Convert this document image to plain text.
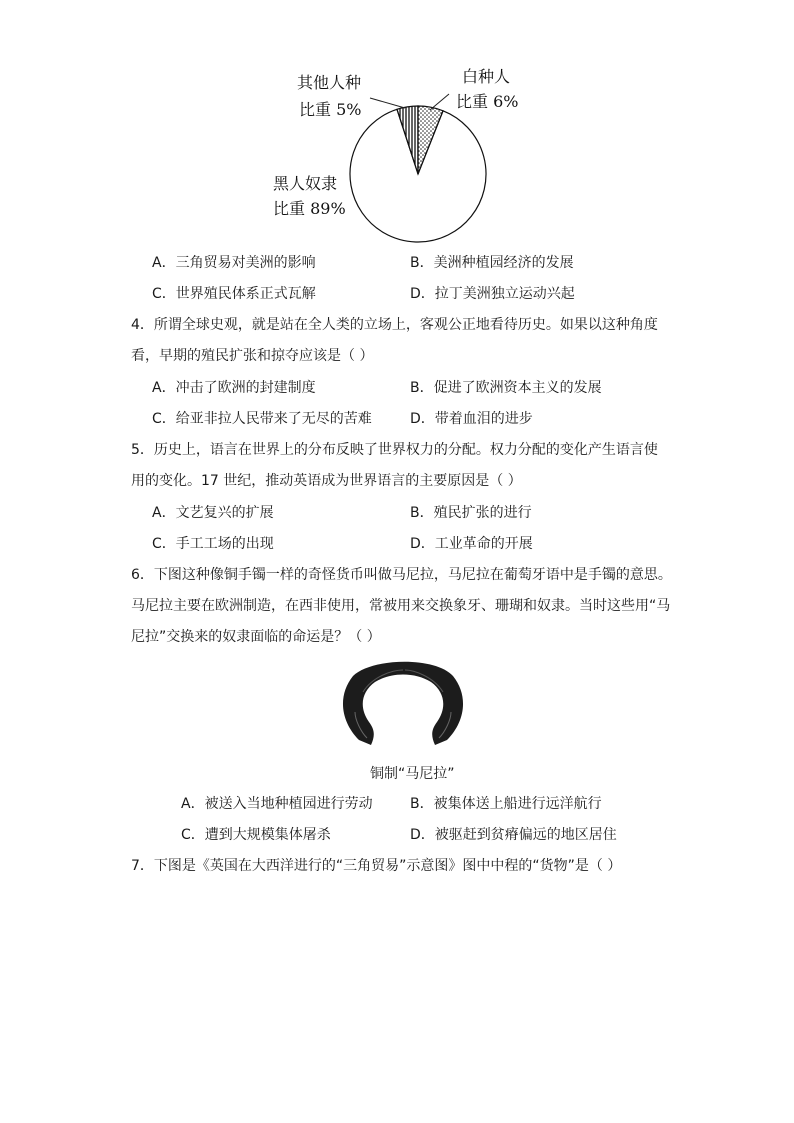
其他人种
比重 5%
白种人
比重 6%
黑人奴隶
比重 89%
A．三角贸易对美洲的影响	B．美洲种植园经济的发展
C．世界殖民体系正式瓦解	D．拉丁美洲独立运动兴起
4．所谓全球史观，就是站在全人类的立场上，客观公正地看待历史。如果以这种角度
看，早期的殖民扩张和掠夺应该是（ ）
A．冲击了欧洲的封建制度	B．促进了欧洲资本主义的发展
C．给亚非拉人民带来了无尽的苦难	D．带着血泪的进步
5．历史上，语言在世界上的分布反映了世界权力的分配。权力分配的变化产生语言使
用的变化。17 世纪，推动英语成为世界语言的主要原因是（ ）
A．文艺复兴的扩展	B．殖民扩张的进行
C．手工工场的出现	D．工业革命的开展
6．下图这种像铜手镯一样的奇怪货币叫做马尼拉，马尼拉在葡萄牙语中是手镯的意思。
马尼拉主要在欧洲制造，在西非使用，常被用来交换象牙、珊瑚和奴隶。当时这些用“马
尼拉”交换来的奴隶面临的命运是？（ ）
铜制“马尼拉”
A．被送入当地种植园进行劳动	B．被集体送上船进行远洋航行
C．遭到大规模集体屠杀	D．被驱赶到贫瘠偏远的地区居住
7．下图是《英国在大西洋进行的“三角贸易”示意图》图中中程的“货物”是（ ）
